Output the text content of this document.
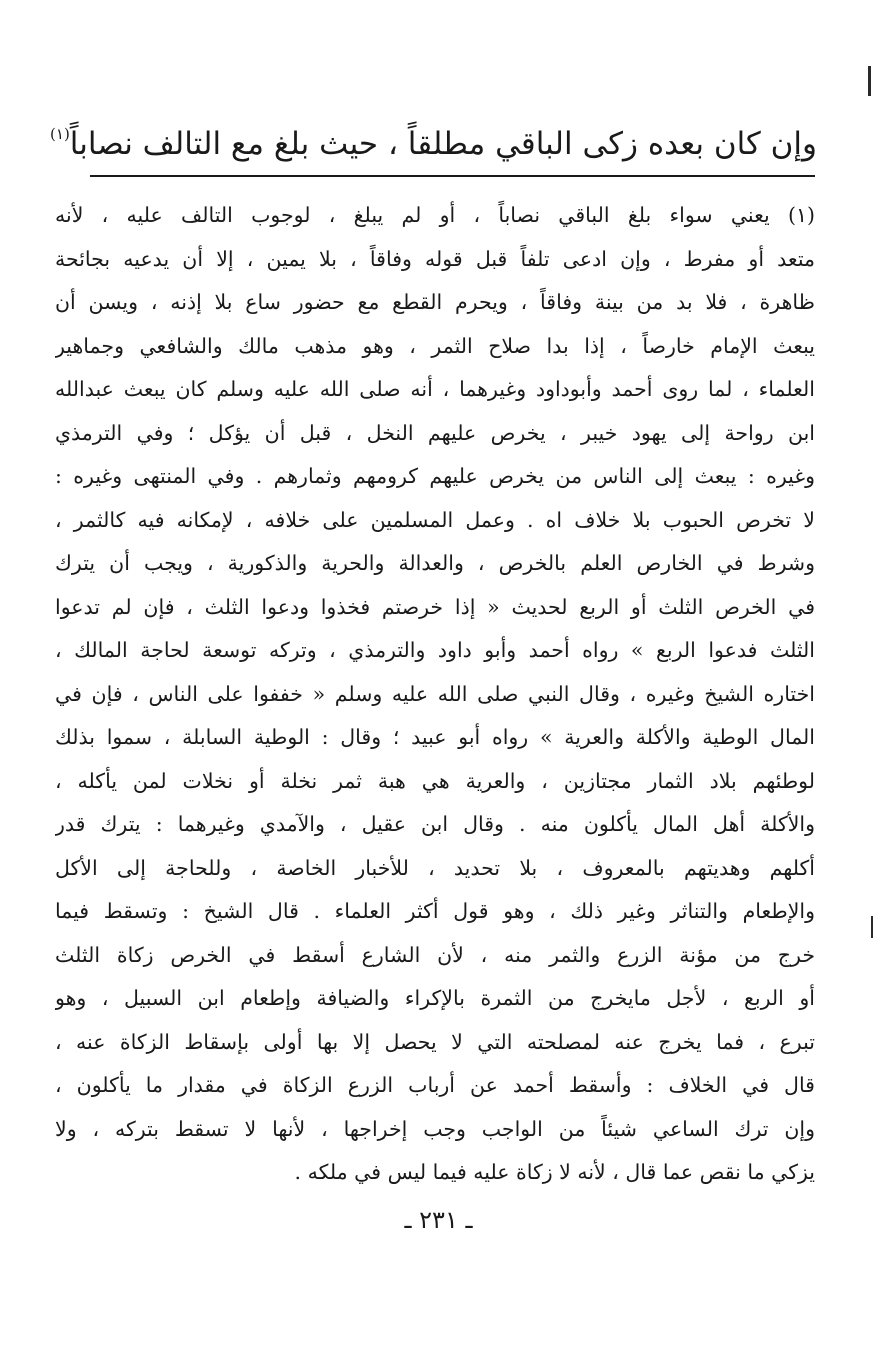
وإن كان بعده زكى الباقي مطلقاً ، حيث بلغ مع التالف نصاباً$^{(١)}$
(١) يعني سواء بلغ الباقي نصاباً ، أو لم يبلغ ، لوجوب التالف عليه ، لأنه
متعد أو مفرط ، وإن ادعى تلفاً قبل قوله وفاقاً ، بلا يمين ، إلا أن يدعيه بجائحة
ظاهرة ، فلا بد من بينة وفاقاً ، ويحرم القطع مع حضور ساع بلا إذنه ، ويسن أن
يبعث الإمام خارصاً ، إذا بدا صلاح الثمر ، وهو مذهب مالك والشافعي وجماهير
العلماء ، لما روى أحمد وأبوداود وغيرهما ، أنه صلى الله عليه وسلم كان يبعث عبدالله
ابن رواحة إلى يهود خيبر ، يخرص عليهم النخل ، قبل أن يؤكل ؛ وفي الترمذي
وغيره : يبعث إلى الناس من يخرص عليهم كرومهم وثمارهم . وفي المنتهى وغيره :
لا تخرص الحبوب بلا خلاف اه . وعمل المسلمين على خلافه ، لإمكانه فيه كالثمر ،
وشرط في الخارص العلم بالخرص ، والعدالة والحرية والذكورية ، ويجب أن يترك
في الخرص الثلث أو الربع لحديث « إذا خرصتم فخذوا ودعوا الثلث ، فإن لم تدعوا
الثلث فدعوا الربع » رواه أحمد وأبو داود والترمذي ، وتركه توسعة لحاجة المالك ،
اختاره الشيخ وغيره ، وقال النبي صلى الله عليه وسلم « خففوا على الناس ، فإن في
المال الوطية والأكلة والعرية » رواه أبو عبيد ؛ وقال : الوطية السابلة ، سموا بذلك
لوطئهم بلاد الثمار مجتازين ، والعرية هي هبة ثمر نخلة أو نخلات لمن يأكله ،
والأكلة أهل المال يأكلون منه . وقال ابن عقيل ، والآمدي وغيرهما : يترك قدر
أكلهم وهديتهم بالمعروف ، بلا تحديد ، للأخبار الخاصة ، وللحاجة إلى الأكل
والإطعام والتناثر وغير ذلك ، وهو قول أكثر العلماء . قال الشيخ : وتسقط فيما
خرج من مؤنة الزرع والثمر منه ، لأن الشارع أسقط في الخرص زكاة الثلث
أو الربع ، لأجل مايخرج من الثمرة بالإكراء والضيافة وإطعام ابن السبيل ، وهو
تبرع ، فما يخرج عنه لمصلحته التي لا يحصل إلا بها أولى بإسقاط الزكاة عنه ،
قال في الخلاف : وأسقط أحمد عن أرباب الزرع الزكاة في مقدار ما يأكلون ،
وإن ترك الساعي شيئاً من الواجب وجب إخراجها ، لأنها لا تسقط بتركه ، ولا
يزكي ما نقص عما قال ، لأنه لا زكاة عليه فيما ليس في ملكه .
ـ ٢٣١ ـ
